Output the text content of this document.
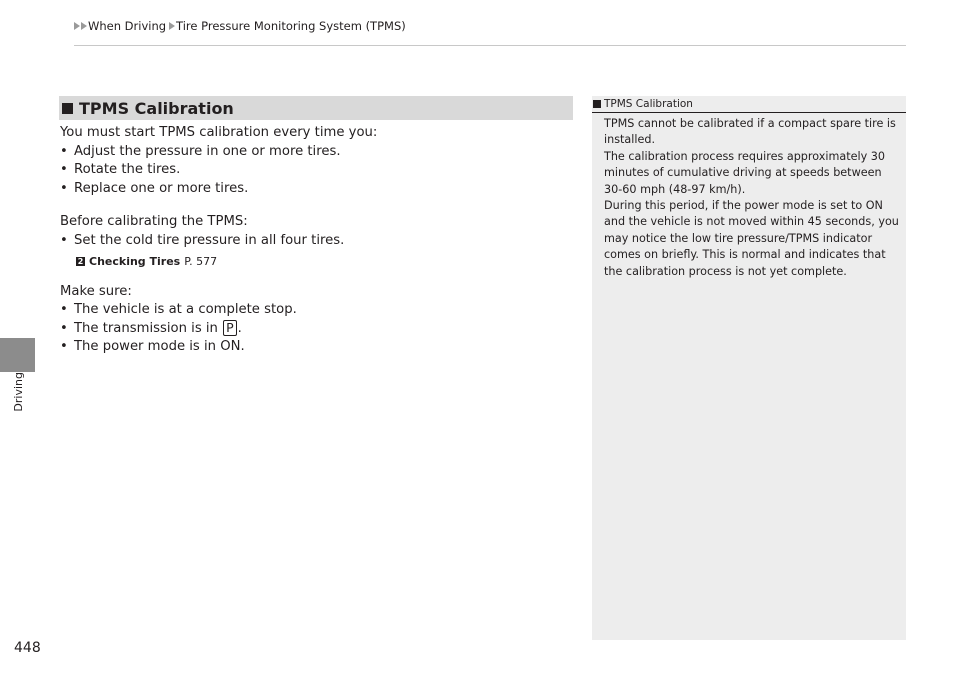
When Driving Tire Pressure Monitoring System (TPMS)
Driving
448
TPMS Calibration

You must start TPMS calibration every time you:

• Adjust the pressure in one or more tires.
• Rotate the tires.
• Replace one or more tires.

Before calibrating the TPMS:

• Set the cold tire pressure in all four tires.
2 Checking Tires P. 577

Make sure:

• The vehicle is at a complete stop.
• The transmission is in P .
• The power mode is in ON.
TPMS Calibration

TPMS cannot be calibrated if a compact spare tire is installed.

The calibration process requires approximately 30 minutes of cumulative driving at speeds between 30-60 mph (48-97 km/h).

During this period, if the power mode is set to ON and the vehicle is not moved within 45 seconds, you may notice the low tire pressure/TPMS indicator comes on briefly. This is normal and indicates that the calibration process is not yet complete.
